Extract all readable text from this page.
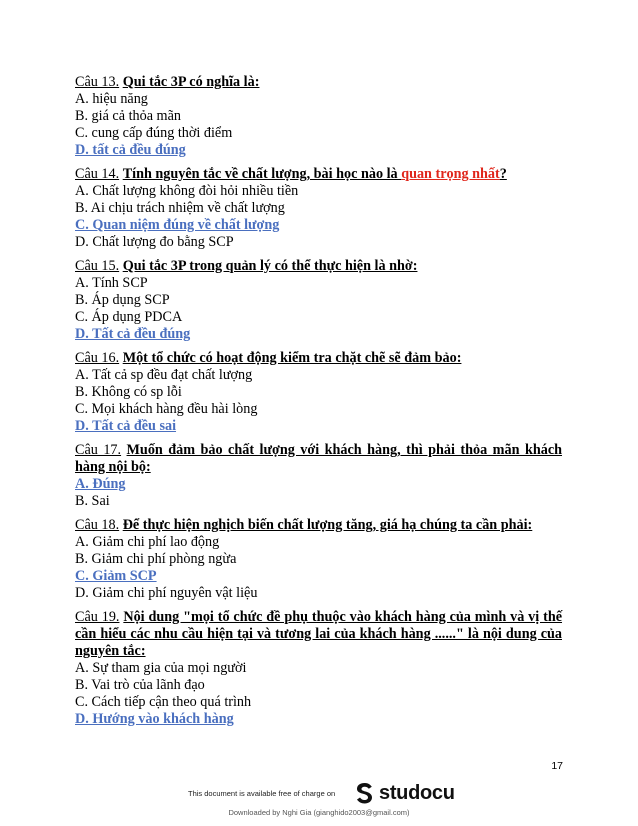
Câu 13. Qui tắc 3P có nghĩa là:
A. hiệu năng
B. giá cả thỏa mãn
C. cung cấp đúng thời điểm
D. tất cả đều đúng
Câu 14. Tính nguyên tắc về chất lượng, bài học nào là quan trọng nhất?
A. Chất lượng không đòi hỏi nhiều tiền
B. Ai chịu trách nhiệm về chất lượng
C. Quan niệm đúng về chất lượng
D. Chất lượng đo bằng SCP
Câu 15. Qui tắc 3P trong quản lý có thể thực hiện là nhờ:
A. Tính SCP
B. Áp dụng SCP
C. Áp dụng PDCA
D. Tất cả đều đúng
Câu 16. Một tổ chức có hoạt động kiểm tra chặt chẽ sẽ đảm bảo:
A. Tất cả sp đều đạt chất lượng
B. Không có sp lỗi
C. Mọi khách hàng đều hài lòng
D. Tất cả đều sai
Câu 17. Muốn đảm bảo chất lượng với khách hàng, thì phải thỏa mãn khách hàng nội bộ:
A. Đúng
B. Sai
Câu 18. Để thực hiện nghịch biến chất lượng tăng, giá hạ chúng ta cần phải:
A. Giảm chi phí lao động
B. Giảm chi phí phòng ngừa
C. Giảm SCP
D. Giảm chi phí nguyên vật liệu
Câu 19. Nội dung "mọi tổ chức đề phụ thuộc vào khách hàng của mình và vị thế cần hiểu các nhu cầu hiện tại và tương lai của khách hàng ......" là nội dung của nguyên tắc:
A. Sự tham gia của mọi người
B. Vai trò của lãnh đạo
C. Cách tiếp cận theo quá trình
D. Hướng vào khách hàng
17
This document is available free of charge on studocu
Downloaded by Nghi Gia (gianghido2003@gmail.com)
